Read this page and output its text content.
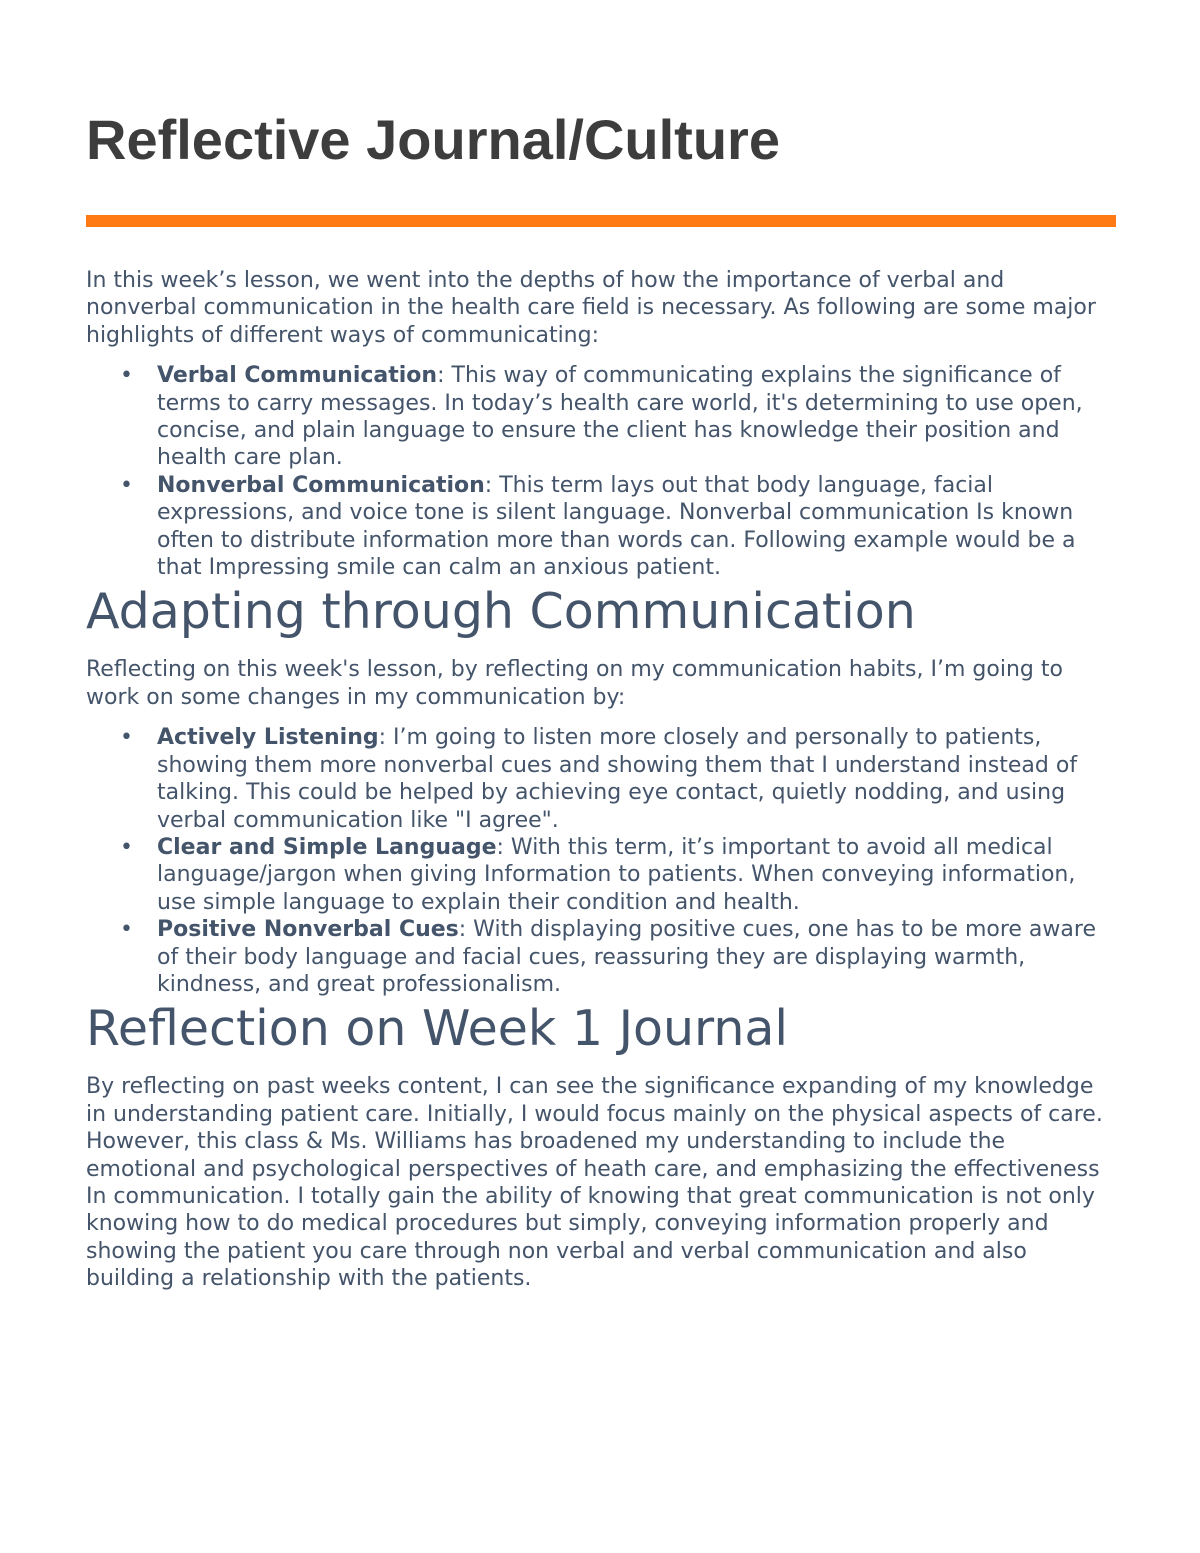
Reflective Journal/Culture

In this week’s lesson, we went into the depths of how the importance of verbal and nonverbal communication in the health care field is necessary. As following are some major highlights of different ways of communicating:

• Verbal Communication: This way of communicating explains the significance of terms to carry messages. In today’s health care world, it's determining to use open, concise, and plain language to ensure the client has knowledge their position and health care plan.
• Nonverbal Communication: This term lays out that body language, facial expressions, and voice tone is silent language. Nonverbal communication Is known often to distribute information more than words can. Following example would be a that Impressing smile can calm an anxious patient.
Adapting through Communication

Reflecting on this week's lesson, by reflecting on my communication habits, I’m going to work on some changes in my communication by:

• Actively Listening: I’m going to listen more closely and personally to patients, showing them more nonverbal cues and showing them that I understand instead of talking. This could be helped by achieving eye contact, quietly nodding, and using verbal communication like "I agree".
• Clear and Simple Language: With this term, it’s important to avoid all medical language/jargon when giving Information to patients. When conveying information, use simple language to explain their condition and health.
• Positive Nonverbal Cues: With displaying positive cues, one has to be more aware of their body language and facial cues, reassuring they are displaying warmth, kindness, and great professionalism.
Reflection on Week 1 Journal

By reflecting on past weeks content, I can see the significance expanding of my knowledge in understanding patient care. Initially, I would focus mainly on the physical aspects of care. However, this class & Ms. Williams has broadened my understanding to include the emotional and psychological perspectives of heath care, and emphasizing the effectiveness In communication. I totally gain the ability of knowing that great communication is not only knowing how to do medical procedures but simply, conveying information properly and showing the patient you care through non verbal and verbal communication and also building a relationship with the patients.
